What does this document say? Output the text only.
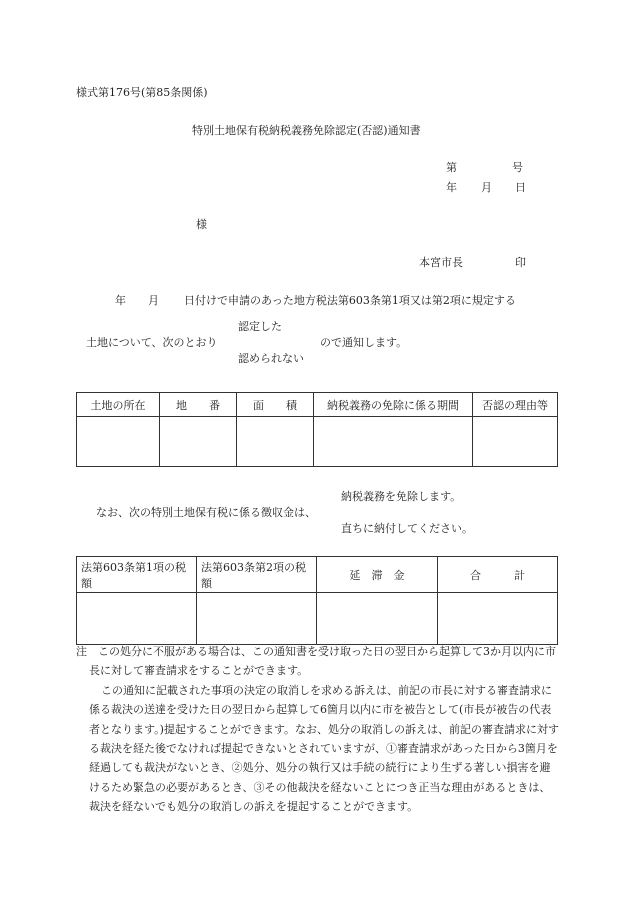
様式第176号(第85条関係)
特別土地保有税納税義務免除認定(否認)通知書
第	号
年 月 日
様
本宮市長	印
年 月 日付けで申請のあった地方税法第603条第1項又は第2項に規定する
認定した
土地について、次のとおり	ので通知します。
認められない
土地の所在	地　　番	面　　積	納税義務の免除に係る期間	否認の理由等

納税義務を免除します。
なお、次の特別土地保有税に係る徴収金は、
直ちに納付してください。
法第603条第1項の税額	法第603条第2項の税額	延　滞　金	合　　　計

注　この処分に不服がある場合は、この通知書を受け取った日の翌日から起算して3か月以内に市長に対して審査請求をすることができます。

この通知に記載された事項の決定の取消しを求める訴えは、前記の市長に対する審査請求に係る裁決の送達を受けた日の翌日から起算して6箇月以内に市を被告として(市長が被告の代表者となります。)提起することができます。なお、処分の取消しの訴えは、前記の審査請求に対する裁決を経た後でなければ提起できないとされていますが、①審査請求があった日から3箇月を経過しても裁決がないとき、②処分、処分の執行又は手続の続行により生ずる著しい損害を避けるため緊急の必要があるとき、③その他裁決を経ないことにつき正当な理由があるときは、裁決を経ないでも処分の取消しの訴えを提起することができます。
